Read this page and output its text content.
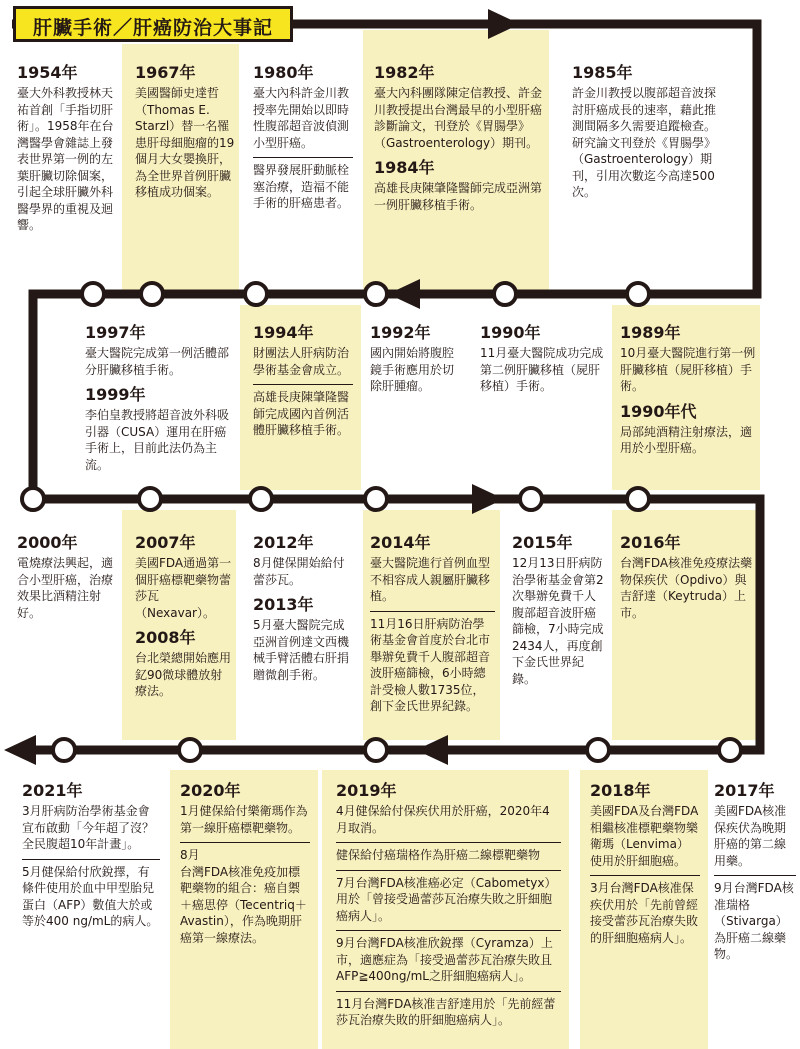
肝臟手術／肝癌防治大事記
1954年
臺大外科教授林天祐首創「手指切肝術」。1958年在台灣醫學會雜誌上發表世界第一例的左葉肝臟切除個案，引起全球肝臟外科醫學界的重視及迴響。
1967年
美國醫師史達哲（Thomas E. Starzl）替一名罹患肝母細胞瘤的19個月大女嬰換肝，為全世界首例肝臟移植成功個案。
1980年
臺大內科許金川教授率先開始以即時性腹部超音波偵測小型肝癌。
醫界發展肝動脈栓塞治療，造福不能手術的肝癌患者。
1982年
臺大內科團隊陳定信教授、許金川教授提出台灣最早的小型肝癌診斷論文，刊登於《胃腸學》（Gastroenterology）期刊。
1984年
高雄長庚陳肇隆醫師完成亞洲第一例肝臟移植手術。
1985年
許金川教授以腹部超音波探討肝癌成長的速率，藉此推測間隔多久需要追蹤檢查。研究論文刊登於《胃腸學》（Gastroenterology）期刊，引用次數迄今高達500次。
1997年
臺大醫院完成第一例活體部分肝臟移植手術。
1999年
李伯皇教授將超音波外科吸引器（CUSA）運用在肝癌手術上，目前此法仍為主流。
1994年
財團法人肝病防治學術基金會成立。
高雄長庚陳肇隆醫師完成國內首例活體肝臟移植手術。
1992年
國內開始將腹腔鏡手術應用於切除肝腫瘤。
1990年
11月臺大醫院成功完成第二例肝臟移植（屍肝移植）手術。
1989年
10月臺大醫院進行第一例肝臟移植（屍肝移植）手術。
1990年代
局部純酒精注射療法，適用於小型肝癌。
2000年
電燒療法興起，適合小型肝癌，治療效果比酒精注射好。
2007年
美國FDA通過第一個肝癌標靶藥物蕾莎瓦（Nexavar）。
2008年
台北榮總開始應用釔90微球體放射療法。
2012年
8月健保開始給付蕾莎瓦。
2013年
5月臺大醫院完成亞洲首例達文西機械手臂活體右肝捐贈微創手術。
2014年
臺大醫院進行首例血型不相容成人親屬肝臟移植。
11月16日肝病防治學術基金會首度於台北市舉辦免費千人腹部超音波肝癌篩檢，6小時總計受檢人數1735位，創下金氏世界紀錄。
2015年
12月13日肝病防治學術基金會第2次舉辦免費千人腹部超音波肝癌篩檢，7小時完成2434人，再度創下金氏世界紀錄。
2016年
台灣FDA核准免疫療法藥物保疾伏（Opdivo）與吉舒達（Keytruda）上市。
2021年
3月肝病防治學術基金會宣布啟動「今年超了沒？全民腹超10年計畫」。
5月健保給付欣銳擇，有條件使用於血中甲型胎兒蛋白（AFP）數值大於或等於400 ng/mL的病人。
2020年
1月健保給付樂衛瑪作為第一線肝癌標靶藥物。
8月
台灣FDA核准免疫加標靶藥物的組合：癌自禦＋癌思停（Tecentriq＋Avastin），作為晚期肝癌第一線療法。
2019年
4月健保給付保疾伏用於肝癌，2020年4月取消。
健保給付癌瑞格作為肝癌二線標靶藥物
7月台灣FDA核准癌必定（Cabometyx）用於「曾接受過蕾莎瓦治療失敗之肝細胞癌病人」。
9月台灣FDA核准欣銳擇（Cyramza）上市，適應症為「接受過蕾莎瓦治療失敗且AFP≧400ng/mL之肝細胞癌病人」。
11月台灣FDA核准吉舒達用於「先前經蕾莎瓦治療失敗的肝細胞癌病人」。
2018年
美國FDA及台灣FDA相繼核准標靶藥物樂衛瑪（Lenvima）使用於肝細胞癌。
3月台灣FDA核准保疾伏用於「先前曾經接受蕾莎瓦治療失敗的肝細胞癌病人」。
2017年
美國FDA核准保疾伏為晚期肝癌的第二線用藥。
9月台灣FDA核准瑞格（Stivarga）為肝癌二線藥物。
